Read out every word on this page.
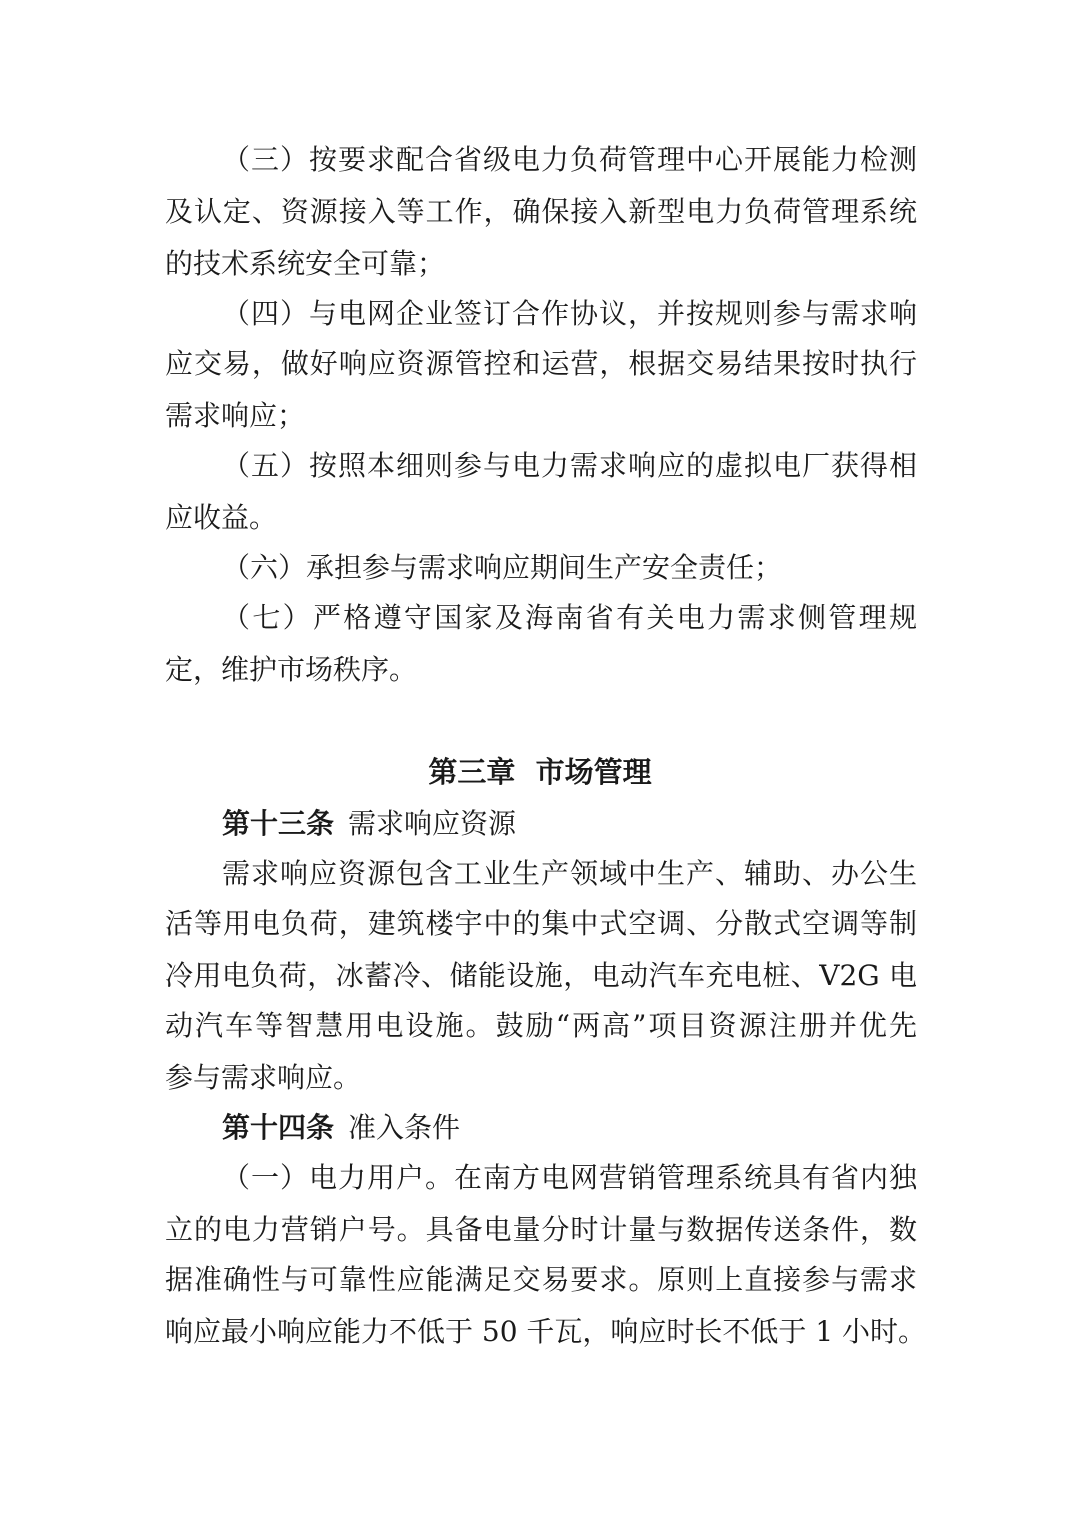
（三）按要求配合省级电力负荷管理中心开展能力检测
及认定、资源接入等工作，确保接入新型电力负荷管理系统
的技术系统安全可靠；
（四）与电网企业签订合作协议，并按规则参与需求响
应交易，做好响应资源管控和运营，根据交易结果按时执行
需求响应；
（五）按照本细则参与电力需求响应的虚拟电厂获得相
应收益。
（六）承担参与需求响应期间生产安全责任；
（七）严格遵守国家及海南省有关电力需求侧管理规
定，维护市场秩序。
第三章  市场管理
第十三条 需求响应资源
需求响应资源包含工业生产领域中生产、辅助、办公生
活等用电负荷，建筑楼宇中的集中式空调、分散式空调等制
冷用电负荷，冰蓄冷、储能设施，电动汽车充电桩、V2G 电
动汽车等智慧用电设施。鼓励“两高”项目资源注册并优先
参与需求响应。
第十四条 准入条件
（一）电力用户。在南方电网营销管理系统具有省内独
立的电力营销户号。具备电量分时计量与数据传送条件，数
据准确性与可靠性应能满足交易要求。原则上直接参与需求
响应最小响应能力不低于 50 千瓦，响应时长不低于 1 小时。
